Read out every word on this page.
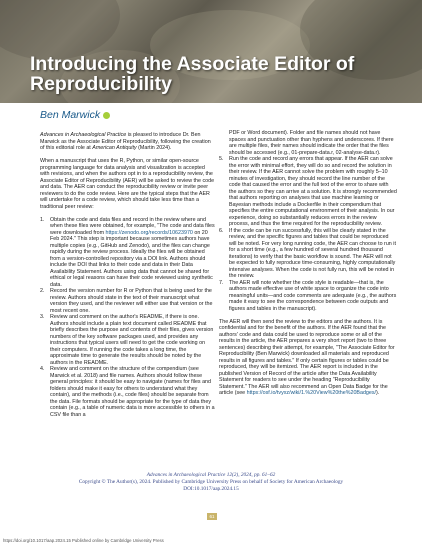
Introducing the Associate Editor of Reproducibility
Ben Marwick

Advances in Archaeological Practice is pleased to introduce Dr. Ben Marwick as the Associate Editor of Reproducibility, following the creation of this editorial role at American Antiquity (Martin 2024).

When a manuscript that uses the R, Python, or similar open-source programming language for data analysis and visualization is accepted with revisions, and when the authors opt in to a reproducibility review, the Associate Editor of Reproducibility (AER) will be asked to review the code and data. The AER can conduct the reproducibility review or invite peer reviewers to do the code review. Here are the typical steps that the AER will undertake for a code review, which should take less time than a traditional peer review:

1. Obtain the code and data files and record in the review where and when these files were obtained, for example, "The code and data files were downloaded from https://zenodo.org/records/10623970 on 20 Feb 2024." This step is important because sometimes authors have multiple copies (e.g., GitHub and Zenodo), and the files can change rapidly during the review process. Ideally the files will be obtained from a version-controlled repository via a DOI link. Authors should include the DOI that links to their code and data in their Data Availability Statement. Authors using data that cannot be shared for ethical or legal reasons can have their code reviewed using synthetic data.
2. Record the version number for R or Python that is being used for the review. Authors should state in the text of their manuscript what version they used, and the reviewer will either use that version or the most recent one.
3. Review and comment on the author's README, if there is one. Authors should include a plain text document called README that briefly describes the purpose and contents of their files, gives version numbers of the key software packages used, and provides any instructions that typical users will need to get the code working on their computers. If running the code takes a long time, the approximate time to generate the results should be noted by the authors in the README.
4. Review and comment on the structure of the compendium (see Marwick et al. 2018) and file names. Authors should follow these general principles: it should be easy to navigate (names for files and folders should make it easy for others to understand what they contain), and the methods (i.e., code files) should be separate from the data. File formats should be appropriate for the type of data they contain (e.g., a table of numeric data is more accessible to others in a CSV file than a

PDF or Word document). Folder and file names should not have spaces and punctuation other than hyphens and underscores. If there are multiple files, their names should indicate the order that the files should be accessed (e.g., 01-prepare-data.r, 02-analyse-data.r).

5. Run the code and record any errors that appear. If the AER can solve the error with minimal effort, they will do so and record the solution in their review. If the AER cannot solve the problem with roughly 5–10 minutes of investigation, they should record the line number of the code that caused the error and the full text of the error to share with the authors so they can arrive at a solution. It is strongly recommended that authors reporting on analyses that use machine learning or Bayesian methods include a Dockerfile in their compendium that specifies the entire computational environment of their analysis. In our experience, doing so substantially reduces errors in the review process, and thus the time required for the reproducibility review.
6. If the code can be run successfully, this will be clearly stated in the review, and the specific figures and tables that could be reproduced will be noted. For very long running code, the AER can choose to run it for a short time (e.g., a few hundred of several hundred thousand iterations) to verify that the basic workflow is sound. The AER will not be expected to fully reproduce time-consuming, highly computationally intensive analyses. When the code is not fully run, this will be noted in the review.
7. The AER will note whether the code style is readable—that is, the authors made effective use of white space to organize the code into meaningful units—and code comments are adequate (e.g., the authors made it easy to see the correspondence between code outputs and figures and tables in the manuscript).

The AER will then send the review to the editors and the authors. It is confidential and for the benefit of the authors. If the AER found that the authors' code and data could be used to reproduce some or all of the results in the article, the AER prepares a very short report (two to three sentences) describing their attempt, for example, "The Associate Editor for Reproducibility (Ben Marwick) downloaded all materials and reproduced results in all figures and tables." If only certain figures or tables could be reproduced, they will be itemized. The AER report is included in the published Version of Record of the article after the Data Availability Statement for readers to see under the heading "Reproducibility Statement." The AER will also recommend an Open Data Badge for the article (see https://osf.io/tvyxz/wiki/1.%20View%20the%20Badges/).

Advances in Archaeological Practice 12(2), 2024, pp. 61–62
Copyright © The Author(s), 2024. Published by Cambridge University Press on behalf of Society for American Archaeology
DOI:10.1017/aap.2024.15
61
https://doi.org/10.1017/aap.2024.15 Published online by Cambridge University Press
